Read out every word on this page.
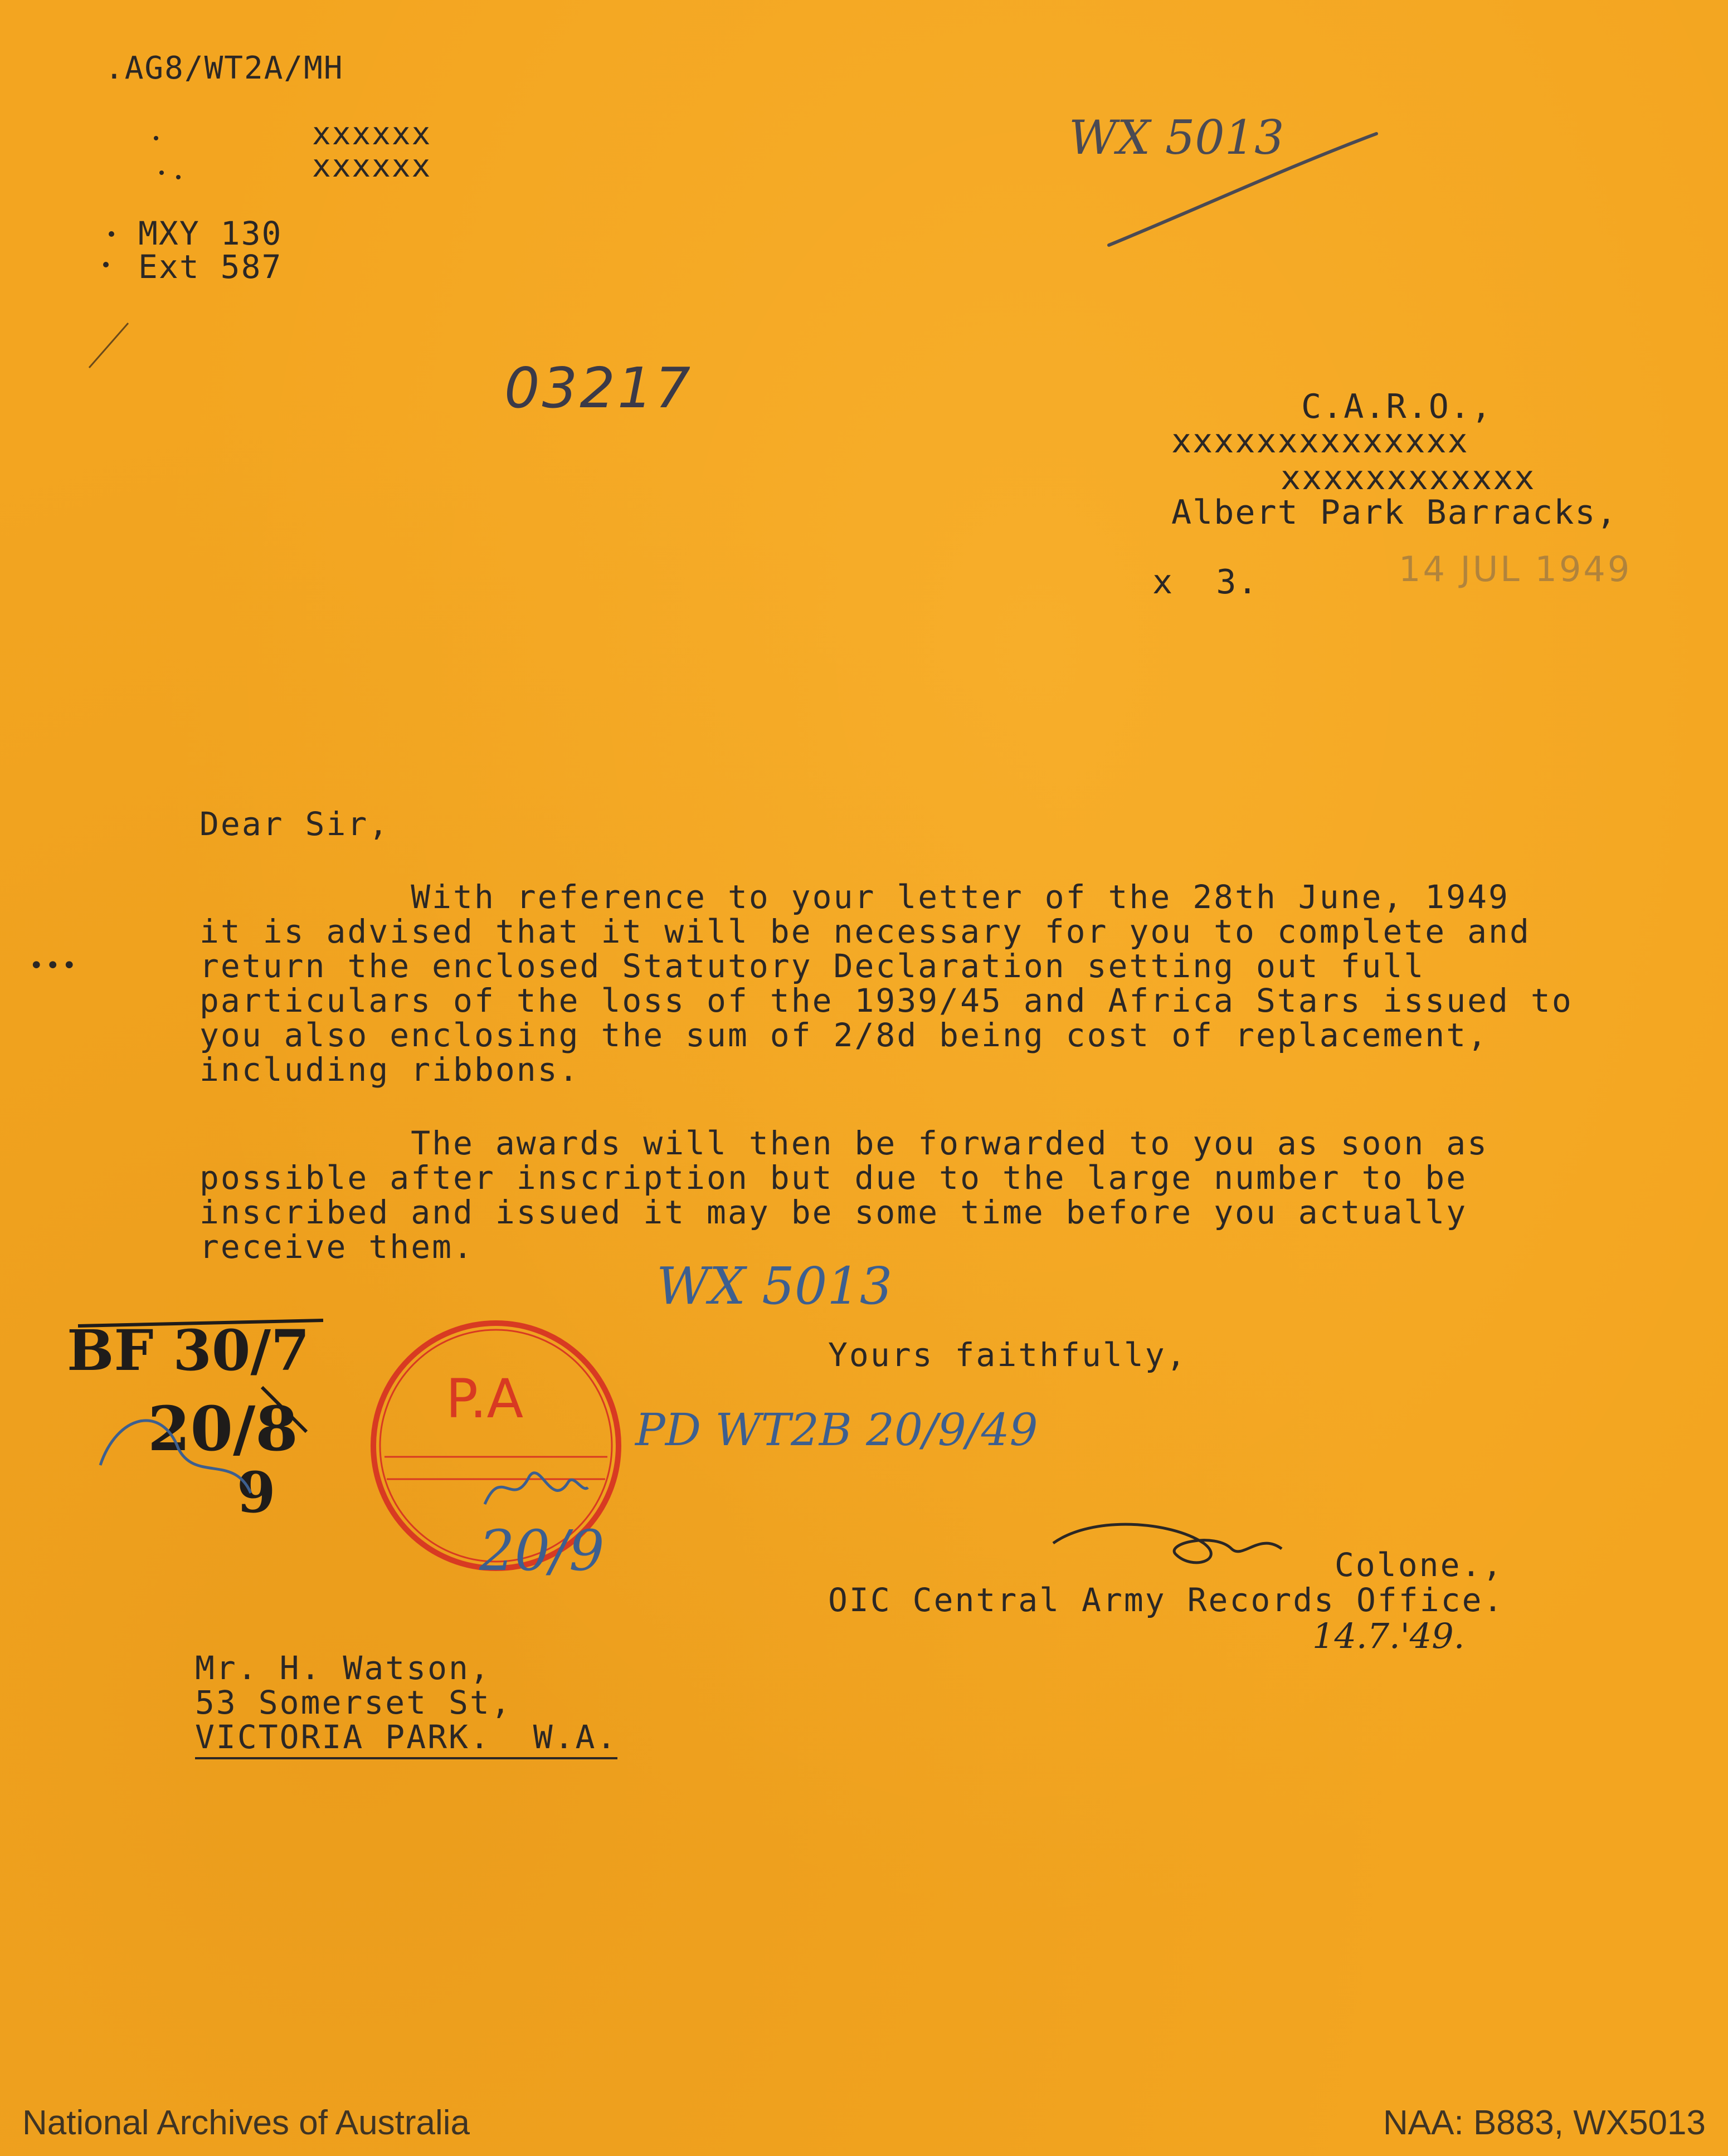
.AG8/WT2A/MH
xxxxxx
xxxxxx
MXY 130
Ext 587
03217
WX 5013
C.A.R.O.,
xxxxxxxxxxxxxx
xxxxxxxxxxxx
Albert Park Barracks,
x  3.	14 JUL 1949
Dear Sir,
With reference to your letter of the 28th June, 1949
it is advised that it will be necessary for you to complete and
return the enclosed Statutory Declaration setting out full
particulars of the loss of the 1939/45 and Africa Stars issued to
you also enclosing the sum of 2/8d being cost of replacement,
including ribbons.
•••
The awards will then be forwarded to you as soon as
possible after inscription but due to the large number to be
inscribed and issued it may be some time before you actually
receive them.
WX 5013
Yours faithfully,
PD WT2B 20/9/49
P.A
20/9
BF 30/7
20/8
9
Colone.,
OIC Central Army Records Office.
14.7.'49.
Mr. H. Watson,
53 Somerset St,
VICTORIA PARK.  W.A.
National Archives of Australia	NAA: B883, WX5013
